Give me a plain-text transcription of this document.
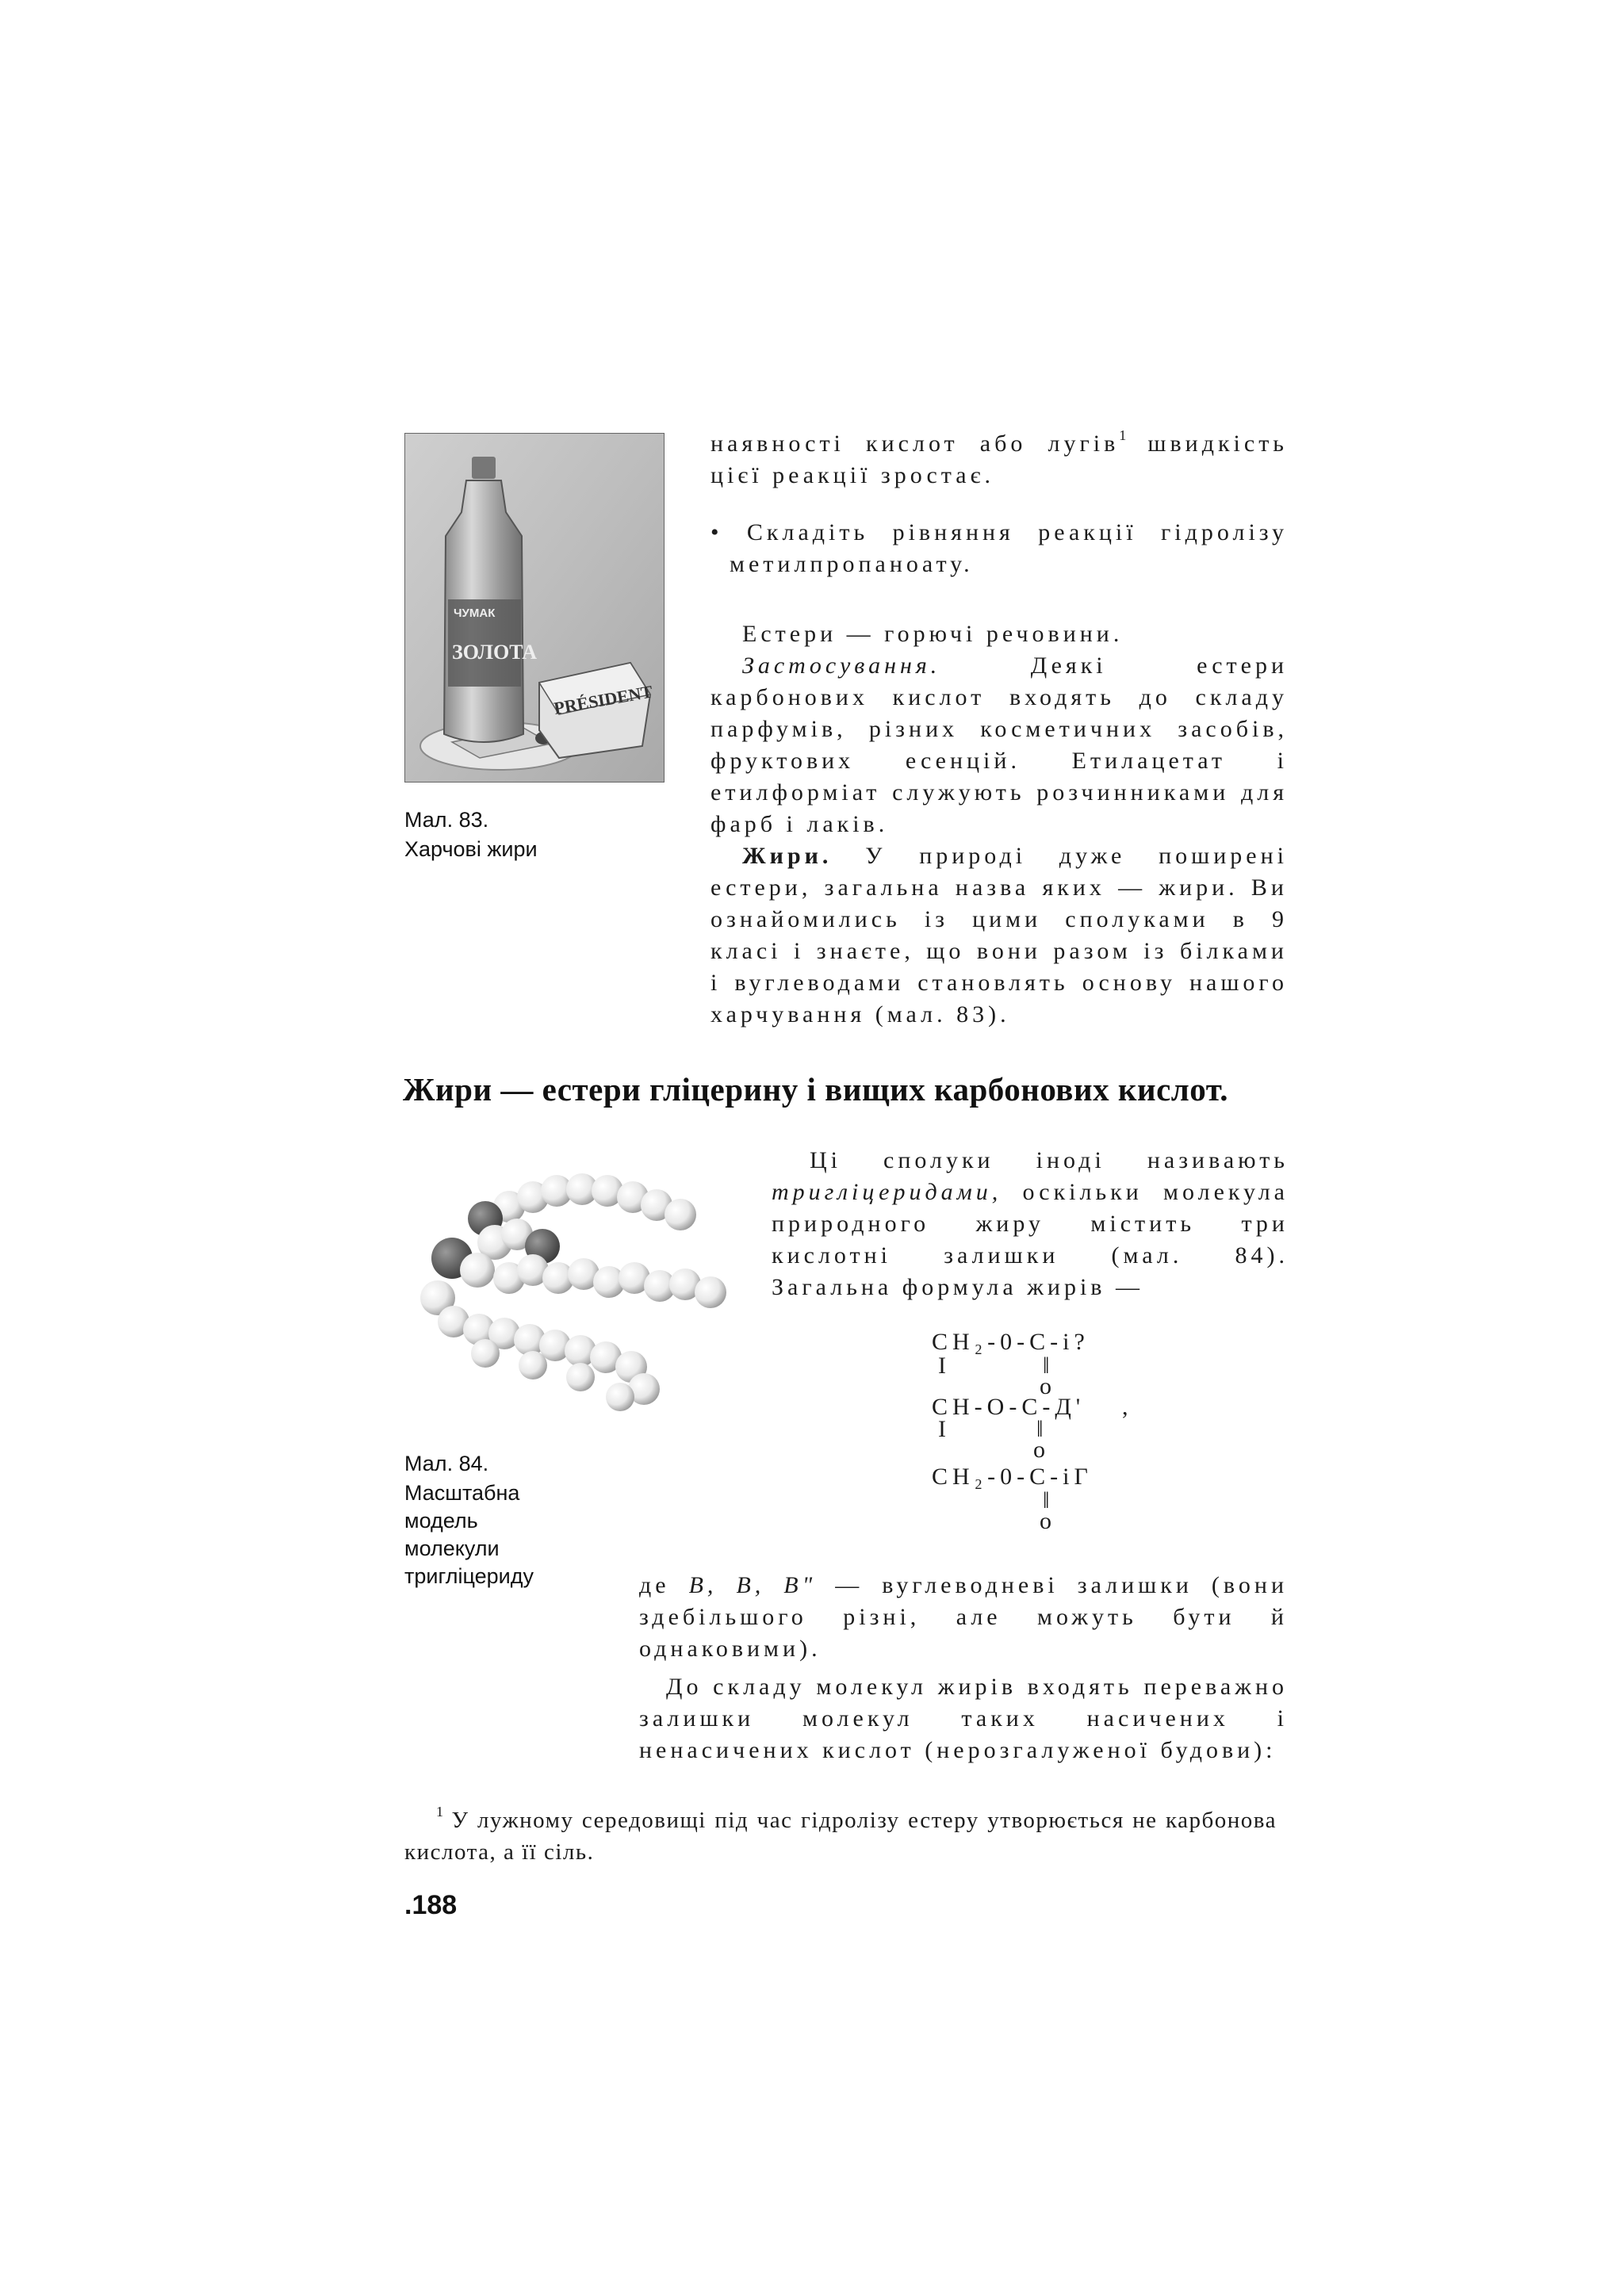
PRÉSIDENT
ЧУМАК
ЗОЛОТА
Мал. 83.
Харчові жири

наявності кислот або лугів$^1$ швидкість цієї реакції зростає.

• Складіть рівняння реакції гідролізу метилпропаноату.

Естери — горючі речовини.

Застосування. Деякі естери карбонових кислот входять до складу парфумів, різних косметичних засобів, фруктових есенцій. Етилацетат і етилформіат служують розчинниками для фарб і лаків.

Жири. У природі дуже поширені естери, загальна назва яких — жири. Ви ознайомились із цими сполуками в 9 класі і знаєте, що вони разом із білками і вуглеводами становлять основу нашого харчування (мал. 83).

Жири — естери гліцерину і вищих карбонових кислот.
Мал. 84.
Масштабна
модель
молекули
тригліцериду

Ці сполуки іноді називають тригліцеридами, оскільки молекула природного жиру містить три кислотні залишки (мал. 84). Загальна формула жирів —

CH₂-0-C-i?
I	‖
o
CH-O-C-Д' ,
I	‖
o
CH₂-0-C-iГ
‖
o

де B, B, B" — вуглеводневі залишки (вони здебільшого різні, але можуть бути й однаковими).

До складу молекул жирів входять переважно залишки молекул таких насичених і ненасичених кислот (нерозгалуженої будови):

$^1$ У лужному середовищі під час гідролізу естеру утворюється не карбонова кислота, а її сіль.
.188
